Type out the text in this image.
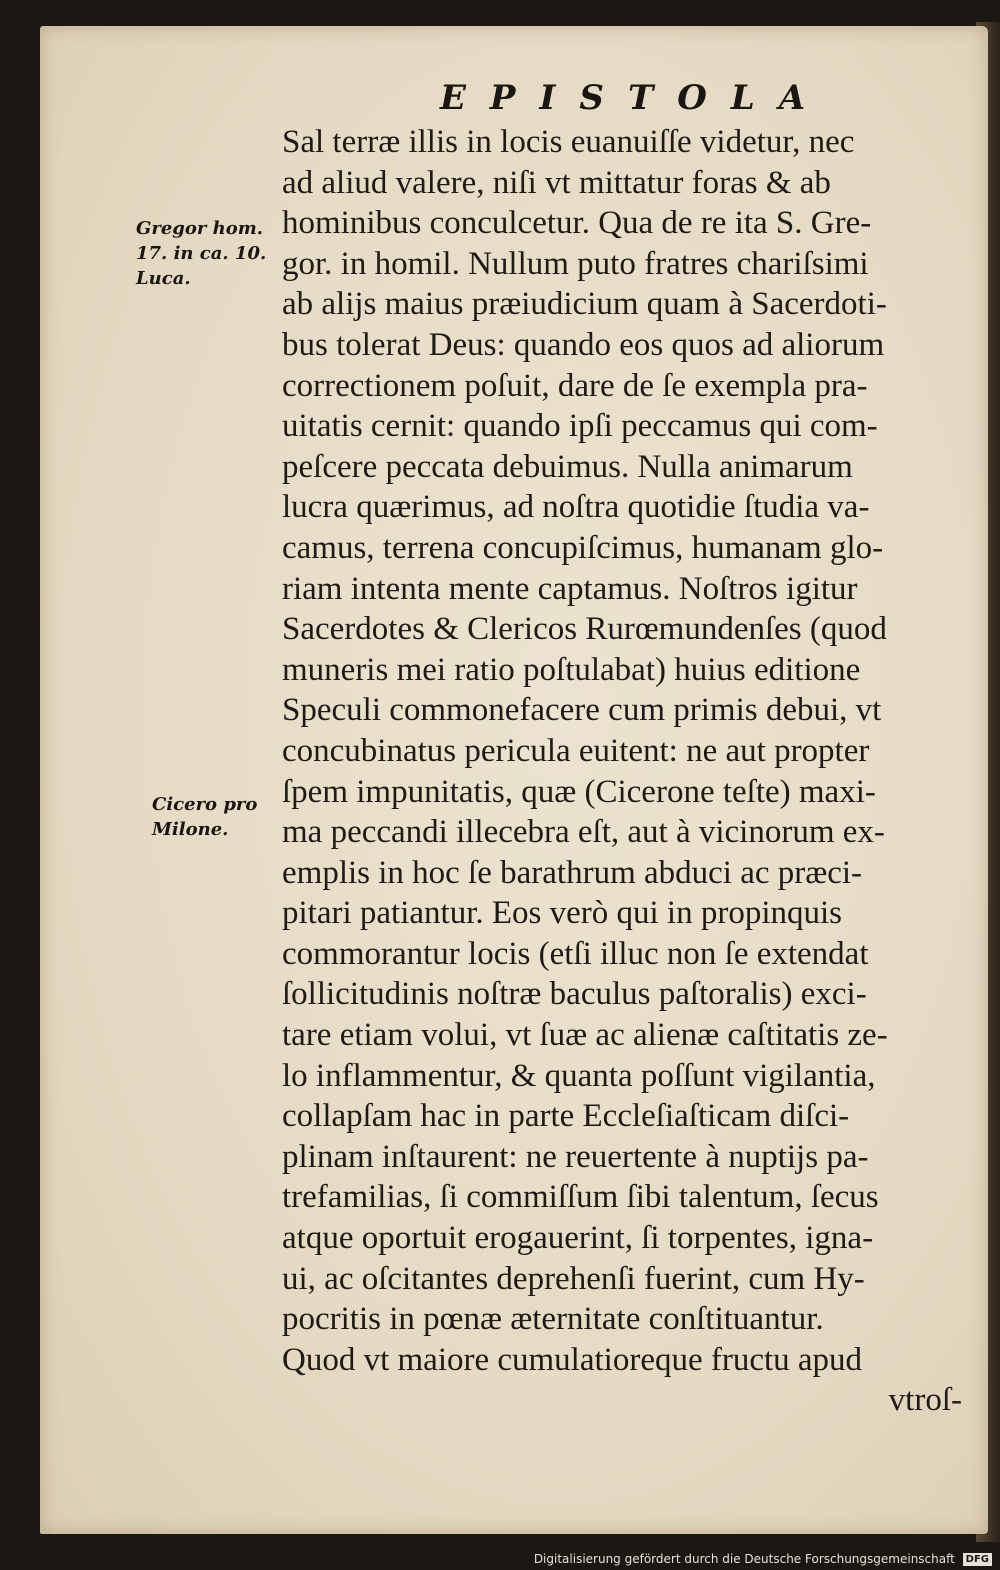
EPISTOLA
Gregor hom.
17. in ca. 10.
Luca.
Cicero pro
Milone.
Sal terræ illis in locis euanuiſſe videtur, nec
ad aliud valere, niſi vt mittatur foras & ab
hominibus conculcetur. Qua de re ita S. Gre-
gor. in homil. Nullum puto fratres chariſsimi
ab alijs maius præiudicium quam à Sacerdoti-
bus tolerat Deus: quando eos quos ad aliorum
correctionem poſuit, dare de ſe exempla pra-
uitatis cernit: quando ipſi peccamus qui com-
peſcere peccata debuimus. Nulla animarum
lucra quærimus, ad noſtra quotidie ſtudia va-
camus, terrena concupiſcimus, humanam glo-
riam intenta mente captamus. Noſtros igitur
Sacerdotes & Clericos Rurœmundenſes (quod
muneris mei ratio poſtulabat) huius editione
Speculi commonefacere cum primis debui, vt
concubinatus pericula euitent: ne aut propter
ſpem impunitatis, quæ (Cicerone teſte) maxi-
ma peccandi illecebra eſt, aut à vicinorum ex-
emplis in hoc ſe barathrum abduci ac præci-
pitari patiantur. Eos verò qui in propinquis
commorantur locis (etſi illuc non ſe extendat
ſollicitudinis noſtræ baculus paſtoralis) exci-
tare etiam volui, vt ſuæ ac alienæ caſtitatis ze-
lo inflammentur, & quanta poſſunt vigilantia,
collapſam hac in parte Eccleſiaſticam diſci-
plinam inſtaurent: ne reuertente à nuptijs pa-
trefamilias, ſi commiſſum ſibi talentum, ſecus
atque oportuit erogauerint, ſi torpentes, igna-
ui, ac oſcitantes deprehenſi fuerint, cum Hy-
pocritis in pœnæ æternitate conſtituantur.
Quod vt maiore cumulatioreque fructu apud
vtroſ-
Digitalisierung gefördert durch die Deutsche Forschungsgemeinschaft DFG
